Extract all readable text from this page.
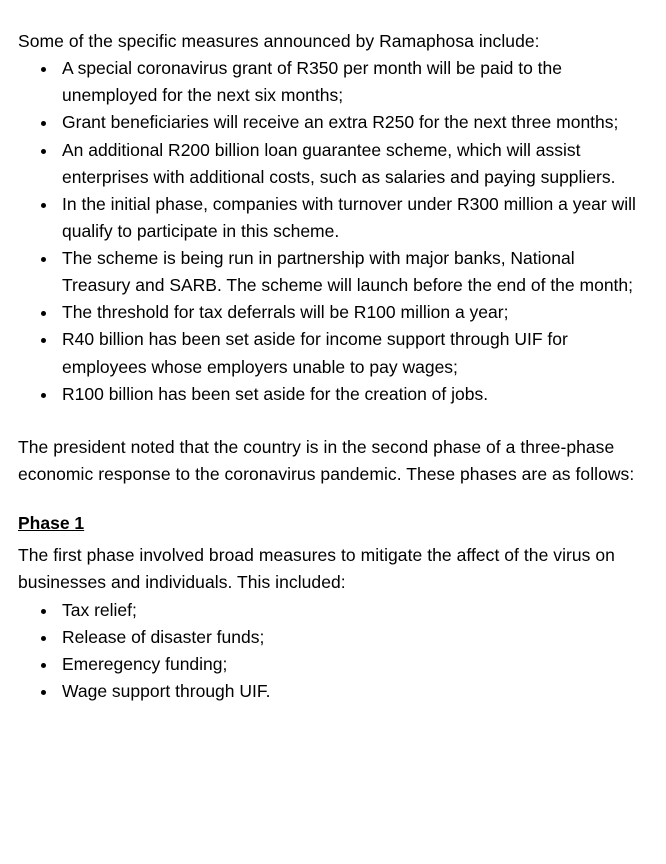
Some of the specific measures announced by Ramaphosa include:

• A special coronavirus grant of R350 per month will be paid to the unemployed for the next six months;
• Grant beneficiaries will receive an extra R250 for the next three months;
• An additional R200 billion loan guarantee scheme, which will assist enterprises with additional costs, such as salaries and paying suppliers.
• In the initial phase, companies with turnover under R300 million a year will qualify to participate in this scheme.
• The scheme is being run in partnership with major banks, National Treasury and SARB. The scheme will launch before the end of the month;
• The threshold for tax deferrals will be R100 million a year;
• R40 billion has been set aside for income support through UIF for employees whose employers unable to pay wages;
• R100 billion has been set aside for the creation of jobs.

The president noted that the country is in the second phase of a three-phase economic response to the coronavirus pandemic. These phases are as follows:

Phase 1

The first phase involved broad measures to mitigate the affect of the virus on businesses and individuals. This included:

• Tax relief;
• Release of disaster funds;
• Emeregency funding;
• Wage support through UIF.
